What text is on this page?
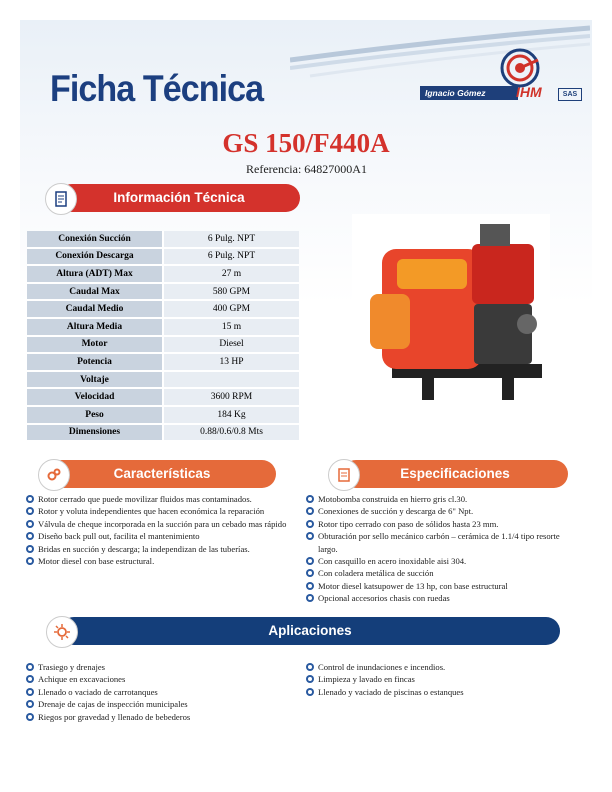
Ficha Técnica	Ignacio Gómez	IHM	SAS
GS 150/F440A
Referencia: 64827000A1
Información Técnica
Conexión Succión	6 Pulg. NPT
Conexión Descarga	6 Pulg. NPT
Altura (ADT) Max	27 m
Caudal Max	580 GPM
Caudal Medio	400 GPM
Altura Media	15 m
Motor	Diesel
Potencia	13 HP
Voltaje	
Velocidad	3600 RPM
Peso	184 Kg
Dimensiones	0.88/0.6/0.8 Mts
Características	Especificaciones
Rotor cerrado que puede movilizar fluidos mas contaminados.
Rotor y voluta independientes que hacen económica la reparación
Válvula de cheque incorporada en la succión para un cebado mas rápido
Diseño back pull out, facilita el mantenimiento
Bridas en succión y descarga; la independizan de las tuberías.
Motor diesel con base estructural.
Motobomba construida en hierro gris cl.30.
Conexiones de succión y descarga de 6" Npt.
Rotor tipo cerrado con paso de sólidos hasta 23 mm.
Obturación por sello mecánico carbón – cerámica de 1.1/4 tipo resorte largo.
Con casquillo en acero inoxidable aisi 304.
Con coladera metálica de succión
Motor diesel katsupower de 13 hp, con base estructural
Opcional accesorios chasis con ruedas
Aplicaciones
Trasiego y drenajes
Achique en excavaciones
Llenado o vaciado de carrotanques
Drenaje de cajas de inspección municipales
Riegos por gravedad y llenado de bebederos
Control de inundaciones e incendios.
Limpieza y lavado en fincas
Llenado y vaciado de piscinas o estanques
